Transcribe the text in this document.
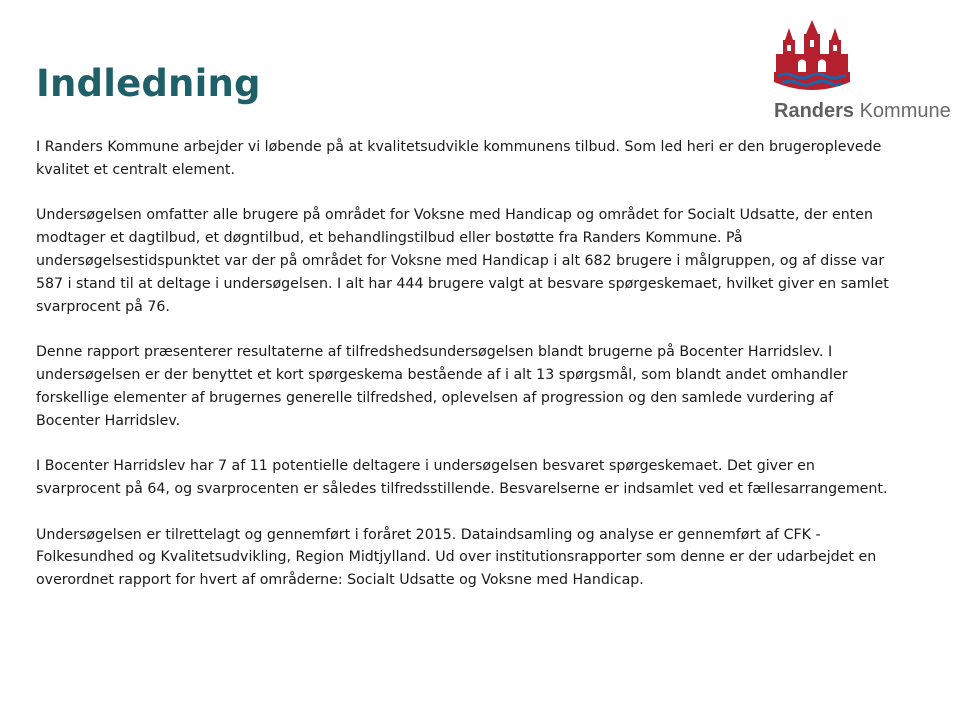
Indledning
Randers Kommune

I Randers Kommune arbejder vi løbende på at kvalitetsudvikle kommunens tilbud. Som led heri er den brugeroplevede kvalitet et centralt element.

Undersøgelsen omfatter alle brugere på området for Voksne med Handicap og området for Socialt Udsatte, der enten modtager et dagtilbud, et døgntilbud, et behandlingstilbud eller bostøtte fra Randers Kommune. På undersøgelsestidspunktet var der på området for Voksne med Handicap i alt 682 brugere i målgruppen, og af disse var 587 i stand til at deltage i undersøgelsen. I alt har 444 brugere valgt at besvare spørgeskemaet, hvilket giver en samlet svarprocent på 76.

Denne rapport præsenterer resultaterne af tilfredshedsundersøgelsen blandt brugerne på Bocenter Harridslev. I undersøgelsen er der benyttet et kort spørgeskema bestående af i alt 13 spørgsmål, som blandt andet omhandler forskellige elementer af brugernes generelle tilfredshed, oplevelsen af progression og den samlede vurdering af Bocenter Harridslev.

I Bocenter Harridslev har 7 af 11 potentielle deltagere i undersøgelsen besvaret spørgeskemaet. Det giver en svarprocent på 64, og svarprocenten er således tilfredsstillende. Besvarelserne er indsamlet ved et fællesarrangement.

Undersøgelsen er tilrettelagt og gennemført i foråret 2015. Dataindsamling og analyse er gennemført af CFK - Folkesundhed og Kvalitetsudvikling, Region Midtjylland. Ud over institutionsrapporter som denne er der udarbejdet en overordnet rapport for hvert af områderne: Socialt Udsatte og Voksne med Handicap.
